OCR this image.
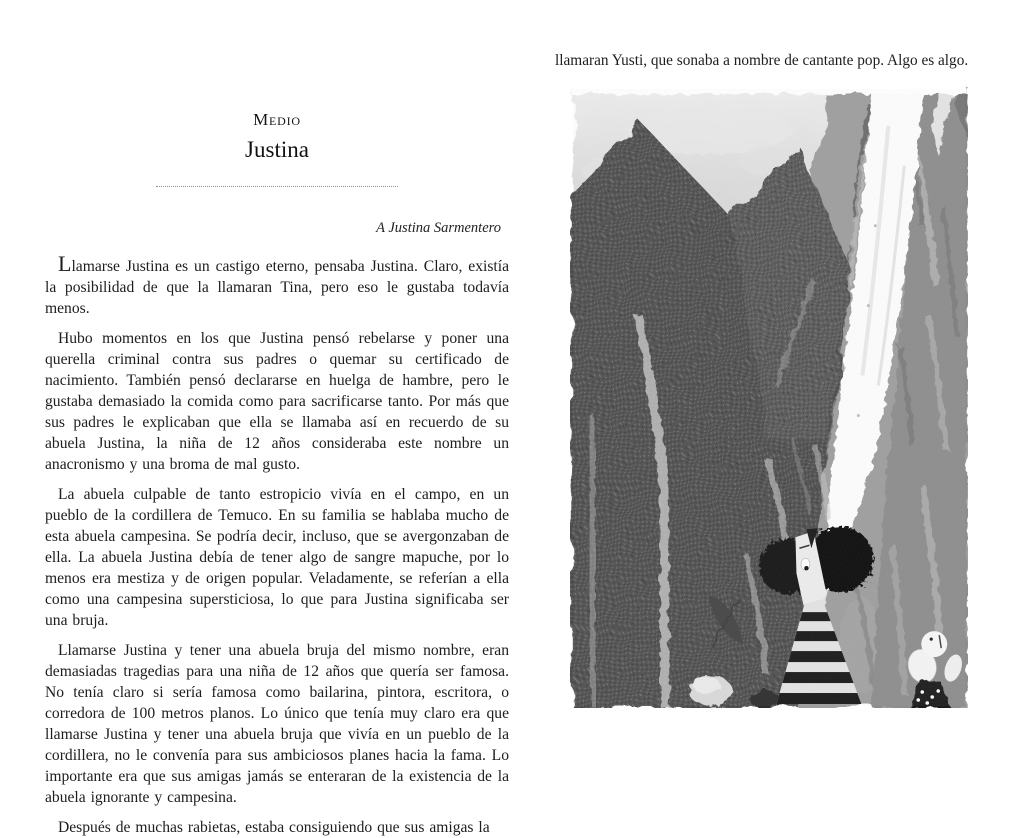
Medio
Justina

A Justina Sarmentero

Llamarse Justina es un castigo eterno, pensaba Justina. Claro, existía la posibilidad de que la llamaran Tina, pero eso le gustaba todavía menos.

Hubo momentos en los que Justina pensó rebelarse y poner una querella criminal contra sus padres o quemar su certificado de nacimiento. También pensó declararse en huelga de hambre, pero le gustaba demasiado la comida como para sacrificarse tanto. Por más que sus padres le explicaban que ella se llamaba así en recuerdo de su abuela Justina, la niña de 12 años consideraba este nombre un anacronismo y una broma de mal gusto.

La abuela culpable de tanto estropicio vivía en el campo, en un pueblo de la cordillera de Temuco. En su familia se hablaba mucho de esta abuela campesina. Se podría decir, incluso, que se avergonzaban de ella. La abuela Justina debía de tener algo de sangre mapuche, por lo menos era mestiza y de origen popular. Veladamente, se referían a ella como una campesina supersticiosa, lo que para Justina significaba ser una bruja.

Llamarse Justina y tener una abuela bruja del mismo nombre, eran demasiadas tragedias para una niña de 12 años que quería ser famosa. No tenía claro si sería famosa como bailarina, pintora, escritora, o corredora de 100 metros planos. Lo único que tenía muy claro era que llamarse Justina y tener una abuela bruja que vivía en un pueblo de la cordillera, no le convenía para sus ambiciosos planes hacia la fama. Lo importante era que sus amigas jamás se enteraran de la existencia de la abuela ignorante y campesina.

Después de muchas rabietas, estaba consiguiendo que sus amigas la

llamaran Yusti, que sonaba a nombre de cantante pop. Algo es algo.
